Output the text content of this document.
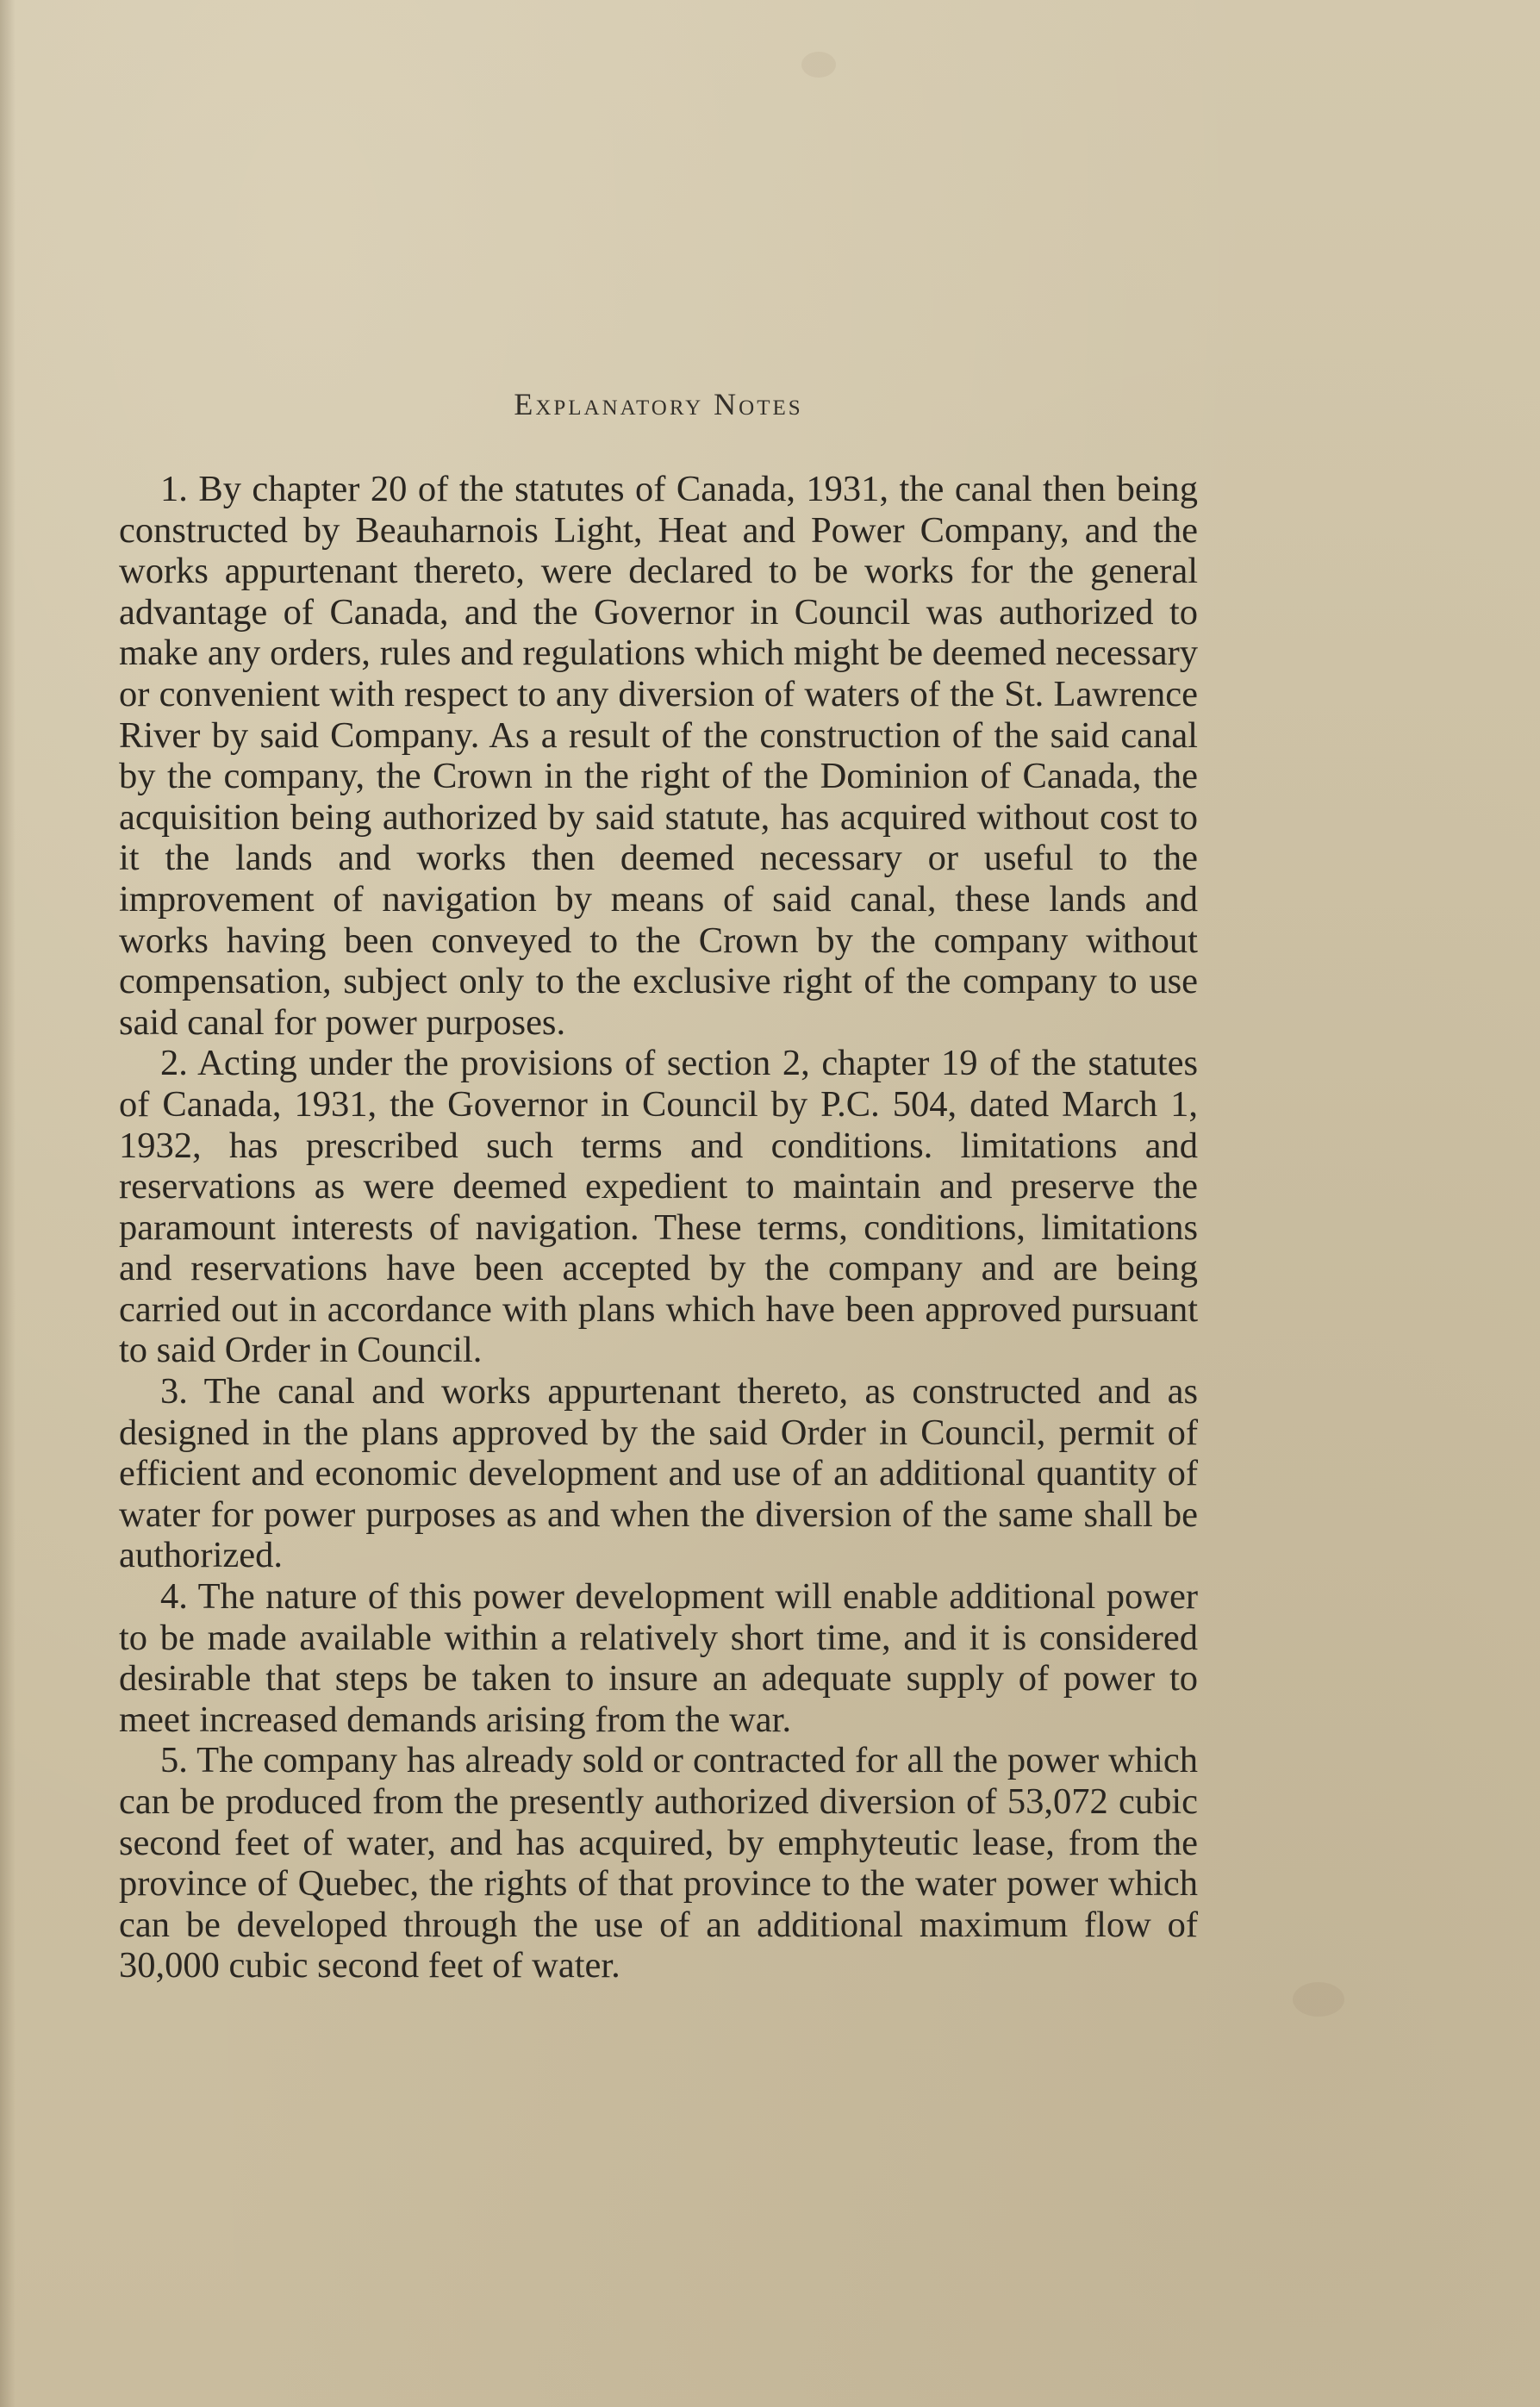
Explanatory Notes

1. By chapter 20 of the statutes of Canada, 1931, the canal then being constructed by Beauharnois Light, Heat and Power Company, and the works appurtenant thereto, were declared to be works for the general advantage of Canada, and the Governor in Council was authorized to make any orders, rules and regulations which might be deemed necessary or convenient with respect to any diversion of waters of the St. Lawrence River by said Company. As a result of the construction of the said canal by the company, the Crown in the right of the Dominion of Canada, the acquisition being authorized by said statute, has acquired without cost to it the lands and works then deemed necessary or useful to the improvement of navigation by means of said canal, these lands and works having been conveyed to the Crown by the company without compensation, subject only to the exclusive right of the company to use said canal for power purposes.

2. Acting under the provisions of section 2, chapter 19 of the statutes of Canada, 1931, the Governor in Council by P.C. 504, dated March 1, 1932, has prescribed such terms and conditions. limitations and reservations as were deemed expedient to maintain and preserve the paramount interests of navigation. These terms, conditions, limitations and reservations have been accepted by the company and are being carried out in accordance with plans which have been approved pursuant to said Order in Council.

3. The canal and works appurtenant thereto, as constructed and as designed in the plans approved by the said Order in Council, permit of efficient and economic development and use of an additional quantity of water for power purposes as and when the diversion of the same shall be authorized.

4. The nature of this power development will enable additional power to be made available within a relatively short time, and it is considered desirable that steps be taken to insure an adequate supply of power to meet increased demands arising from the war.

5. The company has already sold or contracted for all the power which can be produced from the presently authorized diversion of 53,072 cubic second feet of water, and has acquired, by emphyteutic lease, from the province of Quebec, the rights of that province to the water power which can be developed through the use of an additional maximum flow of 30,000 cubic second feet of water.
